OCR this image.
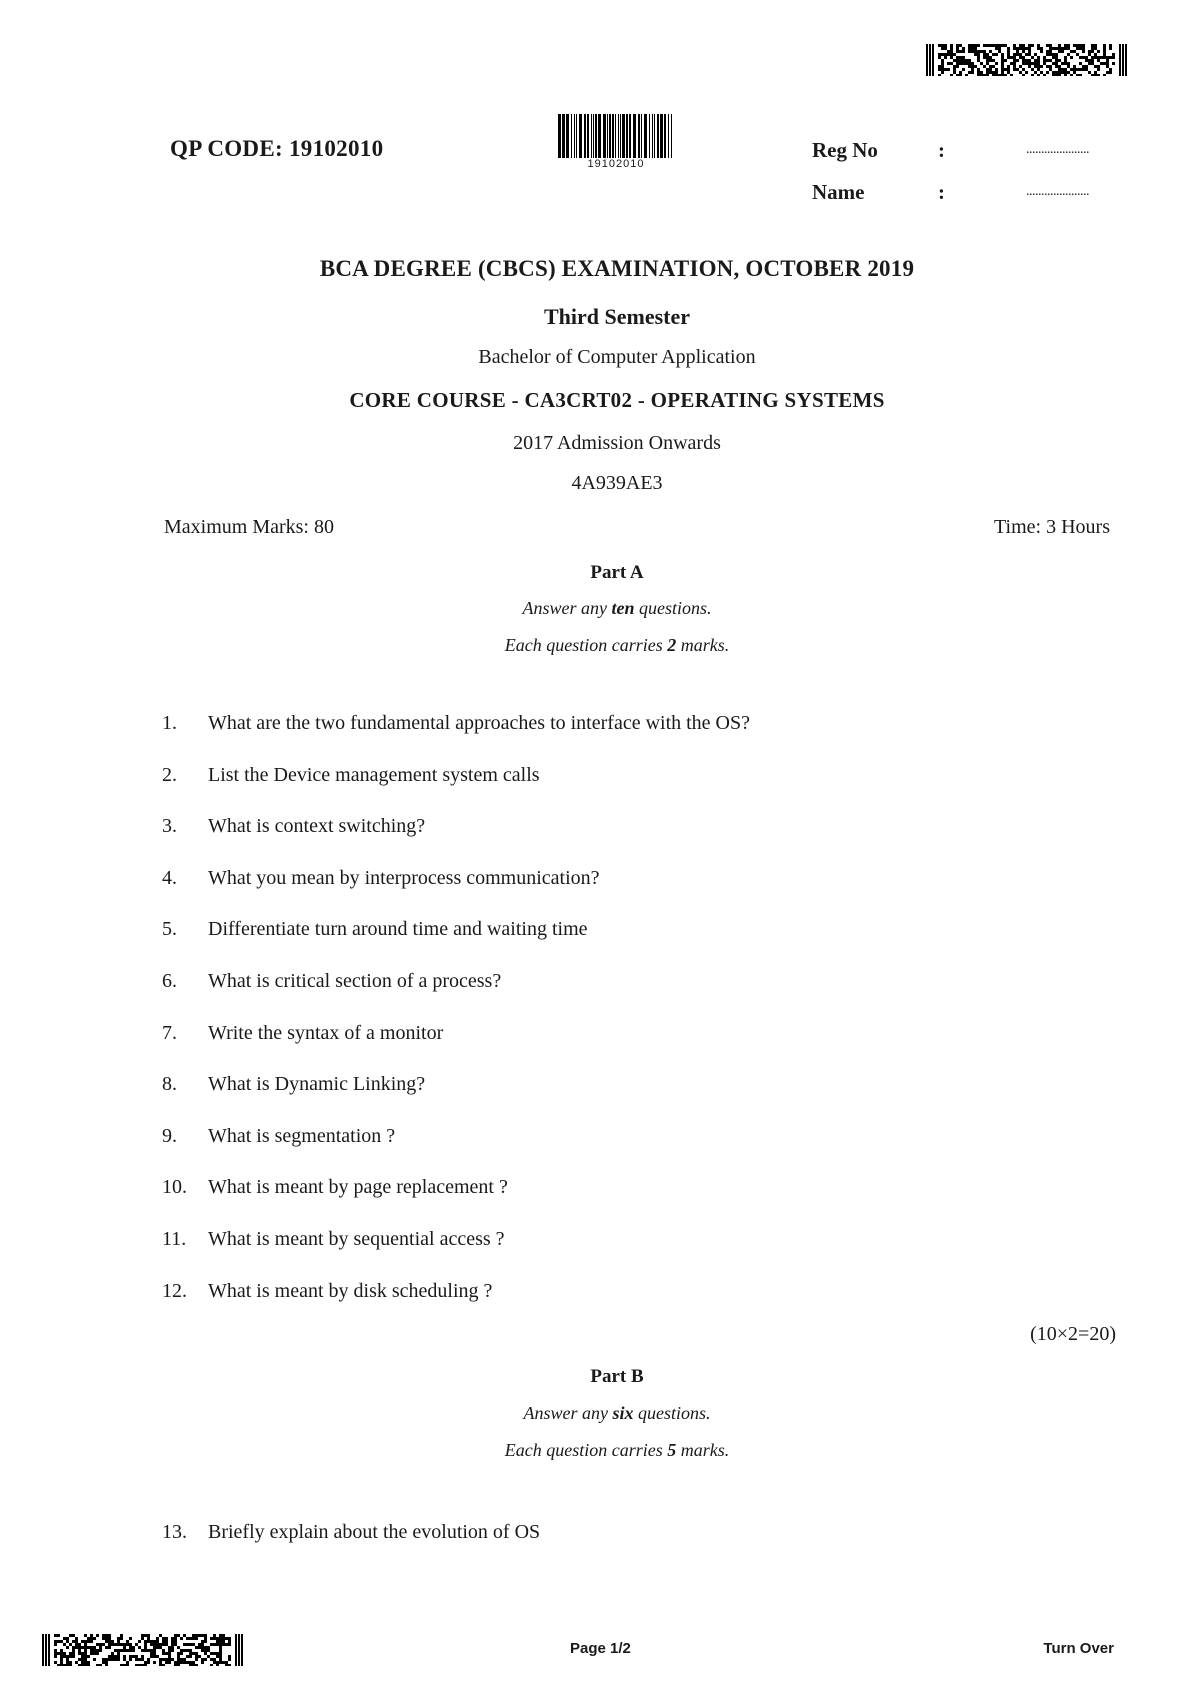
QP CODE: 19102010
19102010
Reg No	:	.....................
Name	:	.....................
BCA DEGREE (CBCS) EXAMINATION, OCTOBER 2019
Third Semester
Bachelor of Computer Application
CORE COURSE - CA3CRT02 - OPERATING SYSTEMS
2017 Admission Onwards
4A939AE3
Maximum Marks: 80	Time: 3 Hours
Part A
Answer any ten questions.
Each question carries 2 marks.
1. What are the two fundamental approaches to interface with the OS?
2. List the Device management system calls
3. What is context switching?
4. What you mean by interprocess communication?
5. Differentiate turn around time and waiting time
6. What is critical section of a process?
7. Write the syntax of a monitor
8. What is Dynamic Linking?
9. What is segmentation ?
10. What is meant by page replacement ?
11. What is meant by sequential access ?
12. What is meant by disk scheduling ?
(10×2=20)
Part B
Answer any six questions.
Each question carries 5 marks.
13. Briefly explain about the evolution of OS
Page 1/2	Turn Over
